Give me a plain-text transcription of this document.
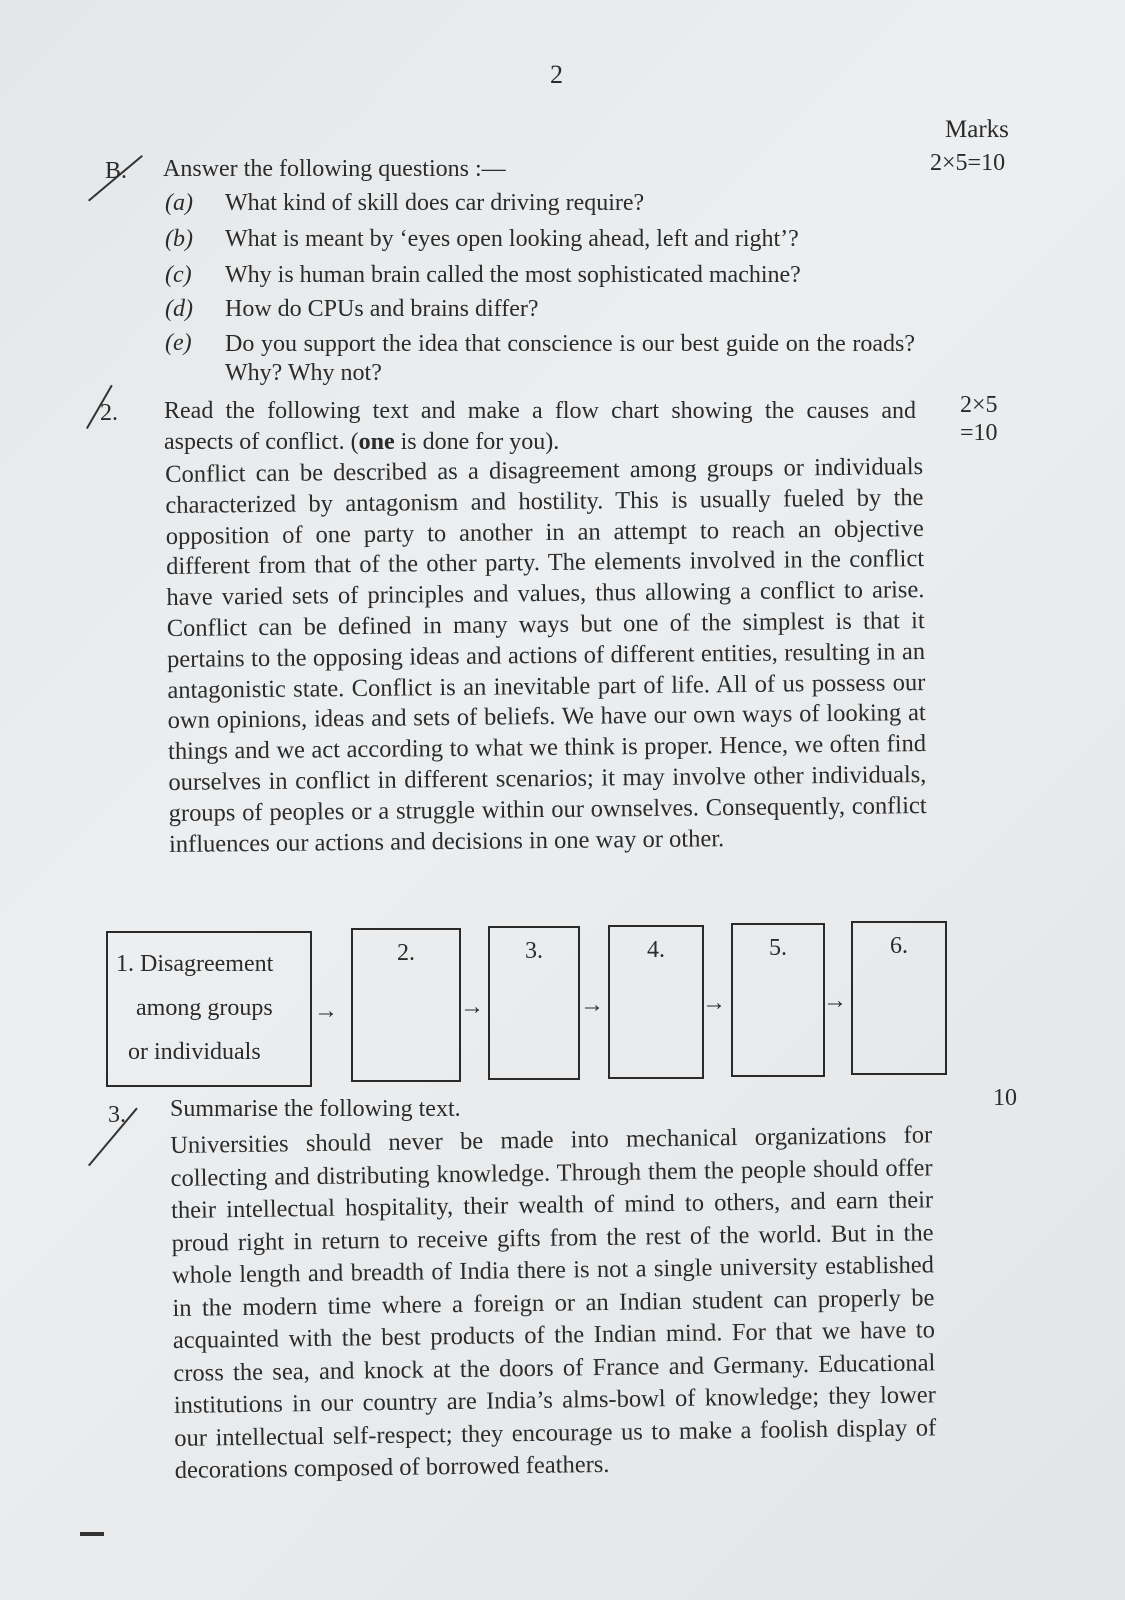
2
Marks
B. Answer the following questions :—	2×5=10
(a)	What kind of skill does car driving require?
(b)	What is meant by ‘eyes open looking ahead, left and right’?
(c)	Why is human brain called the most sophisticated machine?
(d)	How do CPUs and brains differ?
(e)	Do you support the idea that conscience is our best guide on the roads? Why? Why not?
2. Read the following text and make a flow chart showing the causes and aspects of conflict. (one is done for you).
2×5
=10
Conflict can be described as a disagreement among groups or individuals characterized by antagonism and hostility. This is usually fueled by the opposition of one party to another in an attempt to reach an objective different from that of the other party. The elements involved in the conflict have varied sets of principles and values, thus allowing a conflict to arise. Conflict can be defined in many ways but one of the simplest is that it pertains to the opposing ideas and actions of different entities, resulting in an antagonistic state. Conflict is an inevitable part of life. All of us possess our own opinions, ideas and sets of beliefs. We have our own ways of looking at things and we act according to what we think is proper. Hence, we often find ourselves in conflict in different scenarios; it may involve other individuals, groups of peoples or a struggle within our ownselves. Consequently, conflict influences our actions and decisions in one way or other.
1. Disagreement
among groups
or individuals
→
2.
→
3.
→
4.
→
5.
→
6.
3. Summarise the following text.	10
Universities should never be made into mechanical organizations for collecting and distributing knowledge. Through them the people should offer their intellectual hospitality, their wealth of mind to others, and earn their proud right in return to receive gifts from the rest of the world. But in the whole length and breadth of India there is not a single university established in the modern time where a foreign or an Indian student can properly be acquainted with the best products of the Indian mind. For that we have to cross the sea, and knock at the doors of France and Germany. Educational institutions in our country are India’s alms-bowl of knowledge; they lower our intellectual self-respect; they encourage us to make a foolish display of decorations composed of borrowed feathers.
